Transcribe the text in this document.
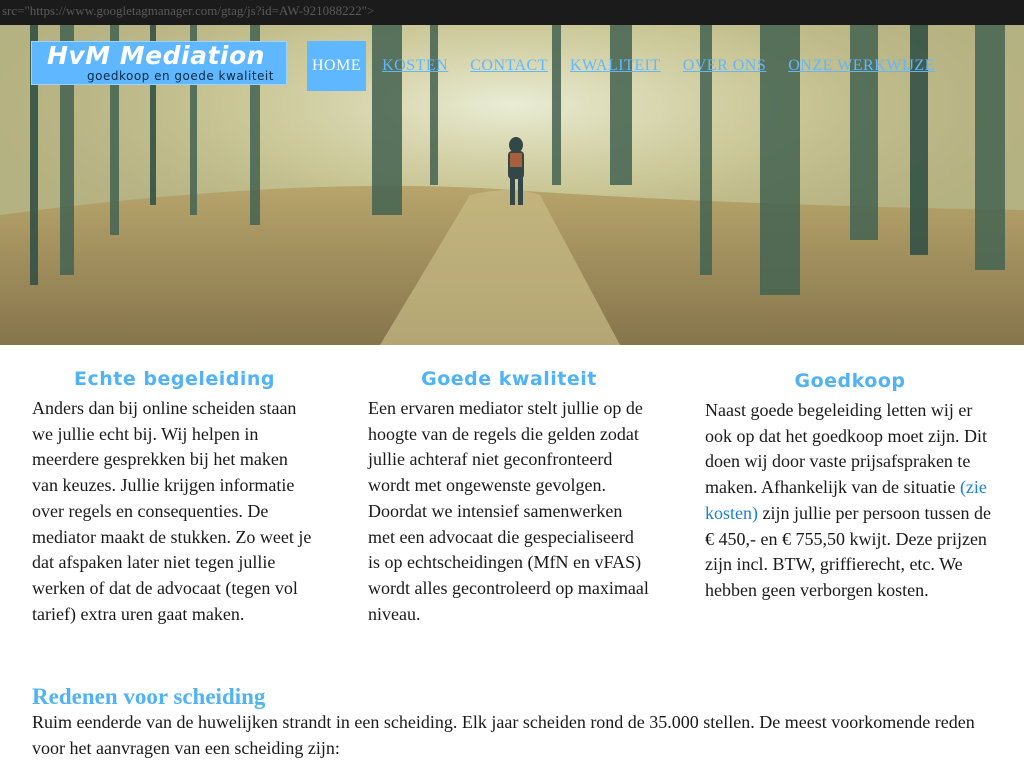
src="https://www.googletagmanager.com/gtag/js?id=AW-921088222">
HvM Mediation
goedkoop en goede kwaliteit
HOME	KOSTEN CONTACT KWALITEIT OVER ONS ONZE WERKWIJZE
Echte begeleiding

Anders dan bij online scheiden staan we jullie echt bij. Wij helpen in meerdere gesprekken bij het maken van keuzes. Jullie krijgen informatie over regels en consequenties. De mediator maakt de stukken. Zo weet je dat afspaken later niet tegen jullie werken of dat de advocaat (tegen vol tarief) extra uren gaat maken.

Goede kwaliteit

Een ervaren mediator stelt jullie op de hoogte van de regels die gelden zodat jullie achteraf niet geconfronteerd wordt met ongewenste gevolgen. Doordat we intensief samenwerken met een advocaat die gespecialiseerd is op echtscheidingen (MfN en vFAS) wordt alles gecontroleerd op maximaal niveau.

Goedkoop

Naast goede begeleiding letten wij er ook op dat het goedkoop moet zijn. Dit doen wij door vaste prijsafspraken te maken. Afhankelijk van de situatie (zie kosten) zijn jullie per persoon tussen de € 450,- en € 755,50 kwijt. Deze prijzen zijn incl. BTW, griffierecht, etc. We hebben geen verborgen kosten.

Redenen voor scheiding

Ruim eenderde van de huwelijken strandt in een scheiding. Elk jaar scheiden rond de 35.000 stellen. De meest voorkomende reden voor het aanvragen van een scheiding zijn:
